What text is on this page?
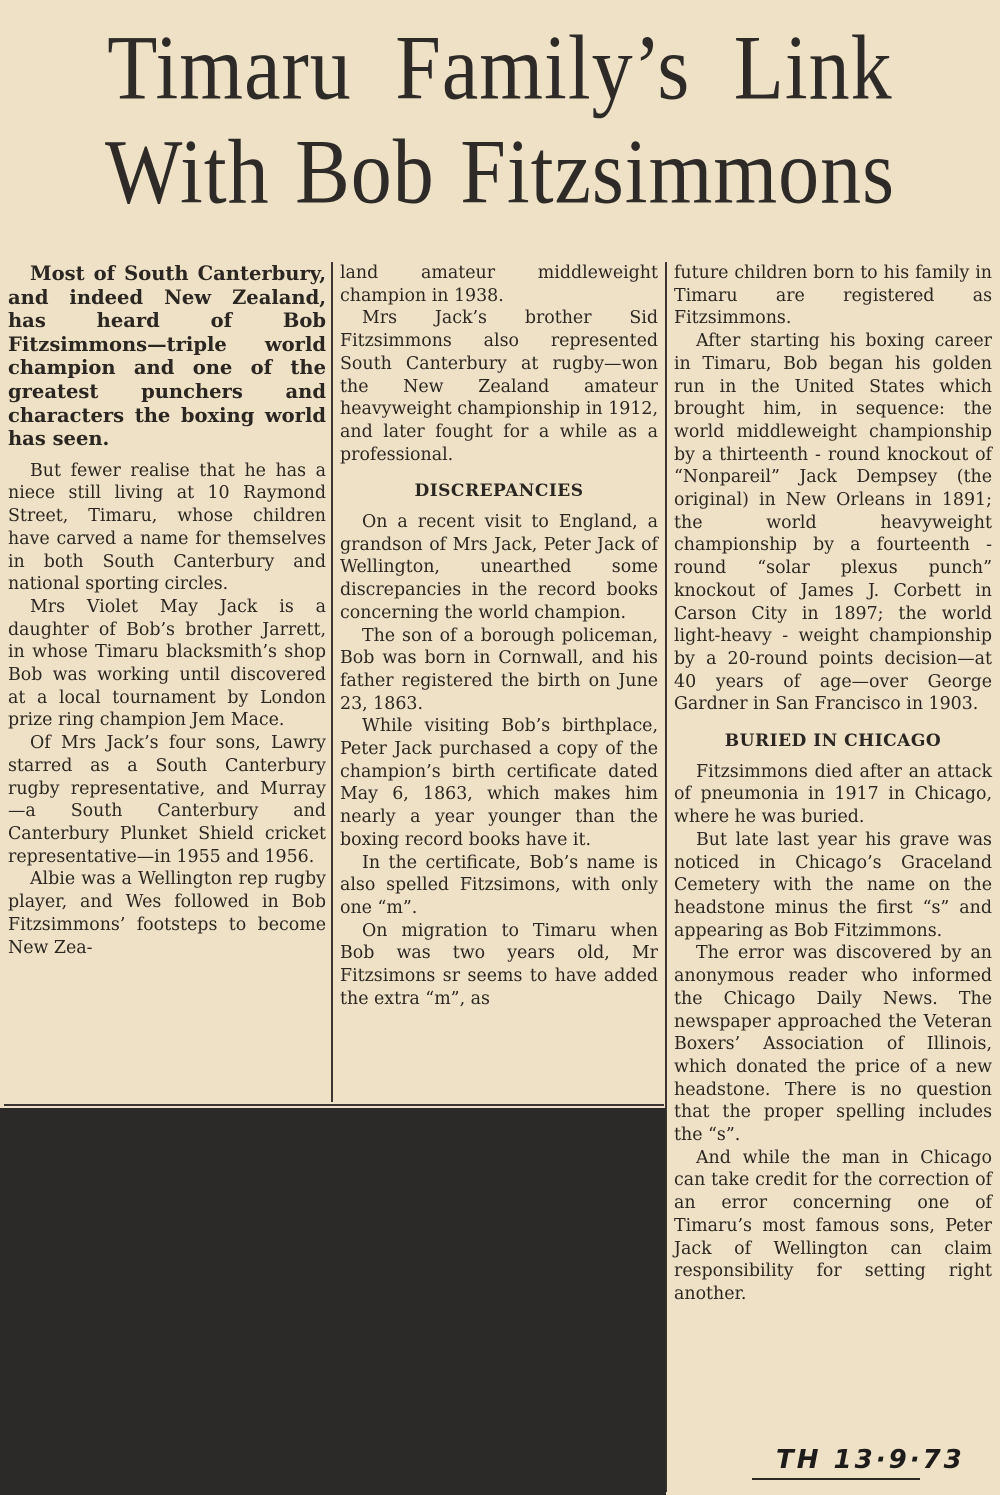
Timaru Family’s Link
With Bob Fitzsimmons

Most of South Canterbury, and indeed New Zealand, has heard of Bob Fitzsimmons—triple world champion and one of the greatest punchers and characters the boxing world has seen.

But fewer realise that he has a niece still living at 10 Raymond Street, Timaru, whose children have carved a name for themselves in both South Canterbury and national sporting circles.

Mrs Violet May Jack is a daughter of Bob’s brother Jarrett, in whose Timaru blacksmith’s shop Bob was working until discovered at a local tournament by London prize ring champion Jem Mace.

Of Mrs Jack’s four sons, Lawry starred as a South Canterbury rugby representative, and Murray—a South Canterbury and Canterbury Plunket Shield cricket representative—in 1955 and 1956.

Albie was a Wellington rep rugby player, and Wes followed in Bob Fitzsimmons’ footsteps to become New Zea-

land amateur middleweight champion in 1938.

Mrs Jack’s brother Sid Fitzsimmons also represented South Canterbury at rugby—won the New Zealand amateur heavyweight championship in 1912, and later fought for a while as a professional.

DISCREPANCIES

On a recent visit to England, a grandson of Mrs Jack, Peter Jack of Wellington, unearthed some discrepancies in the record books concerning the world champion.

The son of a borough policeman, Bob was born in Cornwall, and his father registered the birth on June 23, 1863.

While visiting Bob’s birthplace, Peter Jack purchased a copy of the champion’s birth certificate dated May 6, 1863, which makes him nearly a year younger than the boxing record books have it.

In the certificate, Bob’s name is also spelled Fitzsimons, with only one “m”.

On migration to Timaru when Bob was two years old, Mr Fitzsimons sr seems to have added the extra “m”, as

future children born to his family in Timaru are registered as Fitzsimmons.

After starting his boxing career in Timaru, Bob began his golden run in the United States which brought him, in sequence: the world middleweight championship by a thirteenth - round knockout of “Nonpareil” Jack Dempsey (the original) in New Orleans in 1891; the world heavyweight championship by a fourteenth - round “solar plexus punch” knockout of James J. Corbett in Carson City in 1897; the world light-heavy - weight championship by a 20-round points decision—at 40 years of age—over George Gardner in San Francisco in 1903.

BURIED IN CHICAGO

Fitzsimmons died after an attack of pneumonia in 1917 in Chicago, where he was buried.

But late last year his grave was noticed in Chicago’s Graceland Cemetery with the name on the headstone minus the first “s” and appearing as Bob Fitzimmons.

The error was discovered by an anonymous reader who informed the Chicago Daily News. The newspaper approached the Veteran Boxers’ Association of Illinois, which donated the price of a new headstone. There is no question that the proper spelling includes the “s”.

And while the man in Chicago can take credit for the correction of an error concerning one of Timaru’s most famous sons, Peter Jack of Wellington can claim responsibility for setting right another.

TH 13·9·73
